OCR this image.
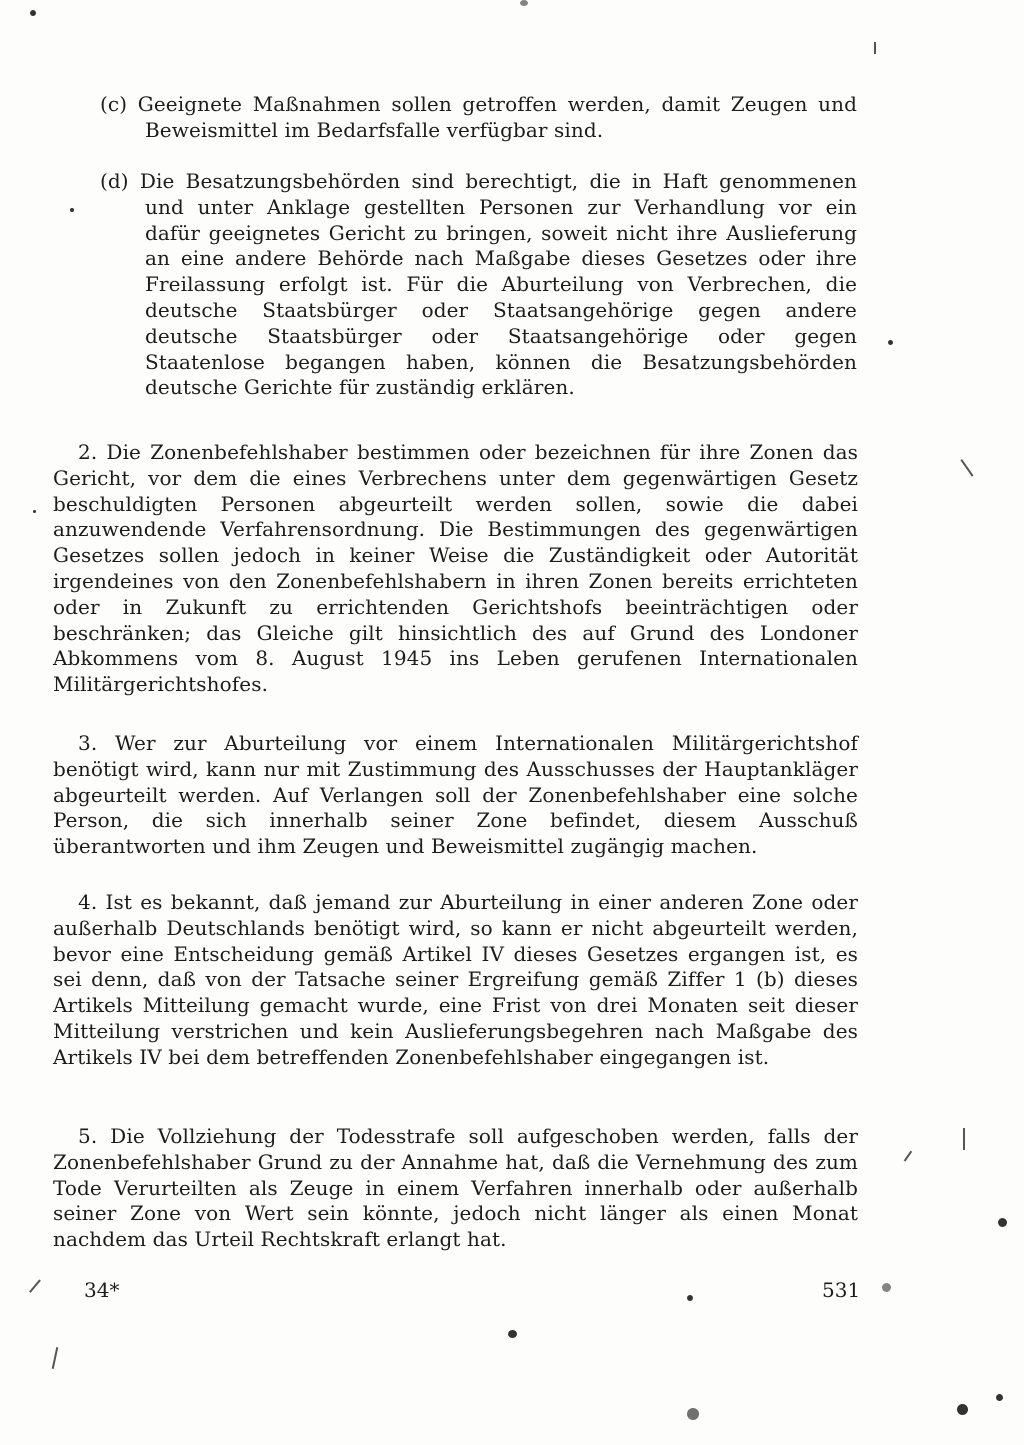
(c) Geeignete Maßnahmen sollen getroffen werden, damit Zeugen und Beweismittel im Bedarfsfalle verfügbar sind.

(d) Die Besatzungsbehörden sind berechtigt, die in Haft genommenen und unter Anklage gestellten Personen zur Verhandlung vor ein dafür geeignetes Gericht zu bringen, soweit nicht ihre Auslieferung an eine andere Behörde nach Maßgabe dieses Gesetzes oder ihre Freilassung erfolgt ist. Für die Aburteilung von Verbrechen, die deutsche Staatsbürger oder Staatsangehörige gegen andere deutsche Staatsbürger oder Staatsangehörige oder gegen Staatenlose begangen haben, können die Besatzungsbehörden deutsche Gerichte für zuständig erklären.

2. Die Zonenbefehlshaber bestimmen oder bezeichnen für ihre Zonen das Gericht, vor dem die eines Verbrechens unter dem gegenwärtigen Gesetz beschuldigten Personen abgeurteilt werden sollen, sowie die dabei anzuwendende Verfahrensordnung. Die Bestimmungen des gegenwärtigen Gesetzes sollen jedoch in keiner Weise die Zuständigkeit oder Autorität irgendeines von den Zonenbefehlshabern in ihren Zonen bereits errichteten oder in Zukunft zu errichtenden Gerichtshofs beeinträchtigen oder beschränken; das Gleiche gilt hinsichtlich des auf Grund des Londoner Abkommens vom 8. August 1945 ins Leben gerufenen Internationalen Militärgerichtshofes.

3. Wer zur Aburteilung vor einem Internationalen Militärgerichtshof benötigt wird, kann nur mit Zustimmung des Ausschusses der Hauptankläger abgeurteilt werden. Auf Verlangen soll der Zonenbefehlshaber eine solche Person, die sich innerhalb seiner Zone befindet, diesem Ausschuß überantworten und ihm Zeugen und Beweismittel zugängig machen.

4. Ist es bekannt, daß jemand zur Aburteilung in einer anderen Zone oder außerhalb Deutschlands benötigt wird, so kann er nicht abgeurteilt werden, bevor eine Entscheidung gemäß Artikel IV dieses Gesetzes ergangen ist, es sei denn, daß von der Tatsache seiner Ergreifung gemäß Ziffer 1 (b) dieses Artikels Mitteilung gemacht wurde, eine Frist von drei Monaten seit dieser Mitteilung verstrichen und kein Auslieferungsbegehren nach Maßgabe des Artikels IV bei dem betreffenden Zonenbefehlshaber eingegangen ist.

5. Die Vollziehung der Todesstrafe soll aufgeschoben werden, falls der Zonenbefehlshaber Grund zu der Annahme hat, daß die Vernehmung des zum Tode Verurteilten als Zeuge in einem Verfahren innerhalb oder außerhalb seiner Zone von Wert sein könnte, jedoch nicht länger als einen Monat nachdem das Urteil Rechtskraft erlangt hat.

34*	531
